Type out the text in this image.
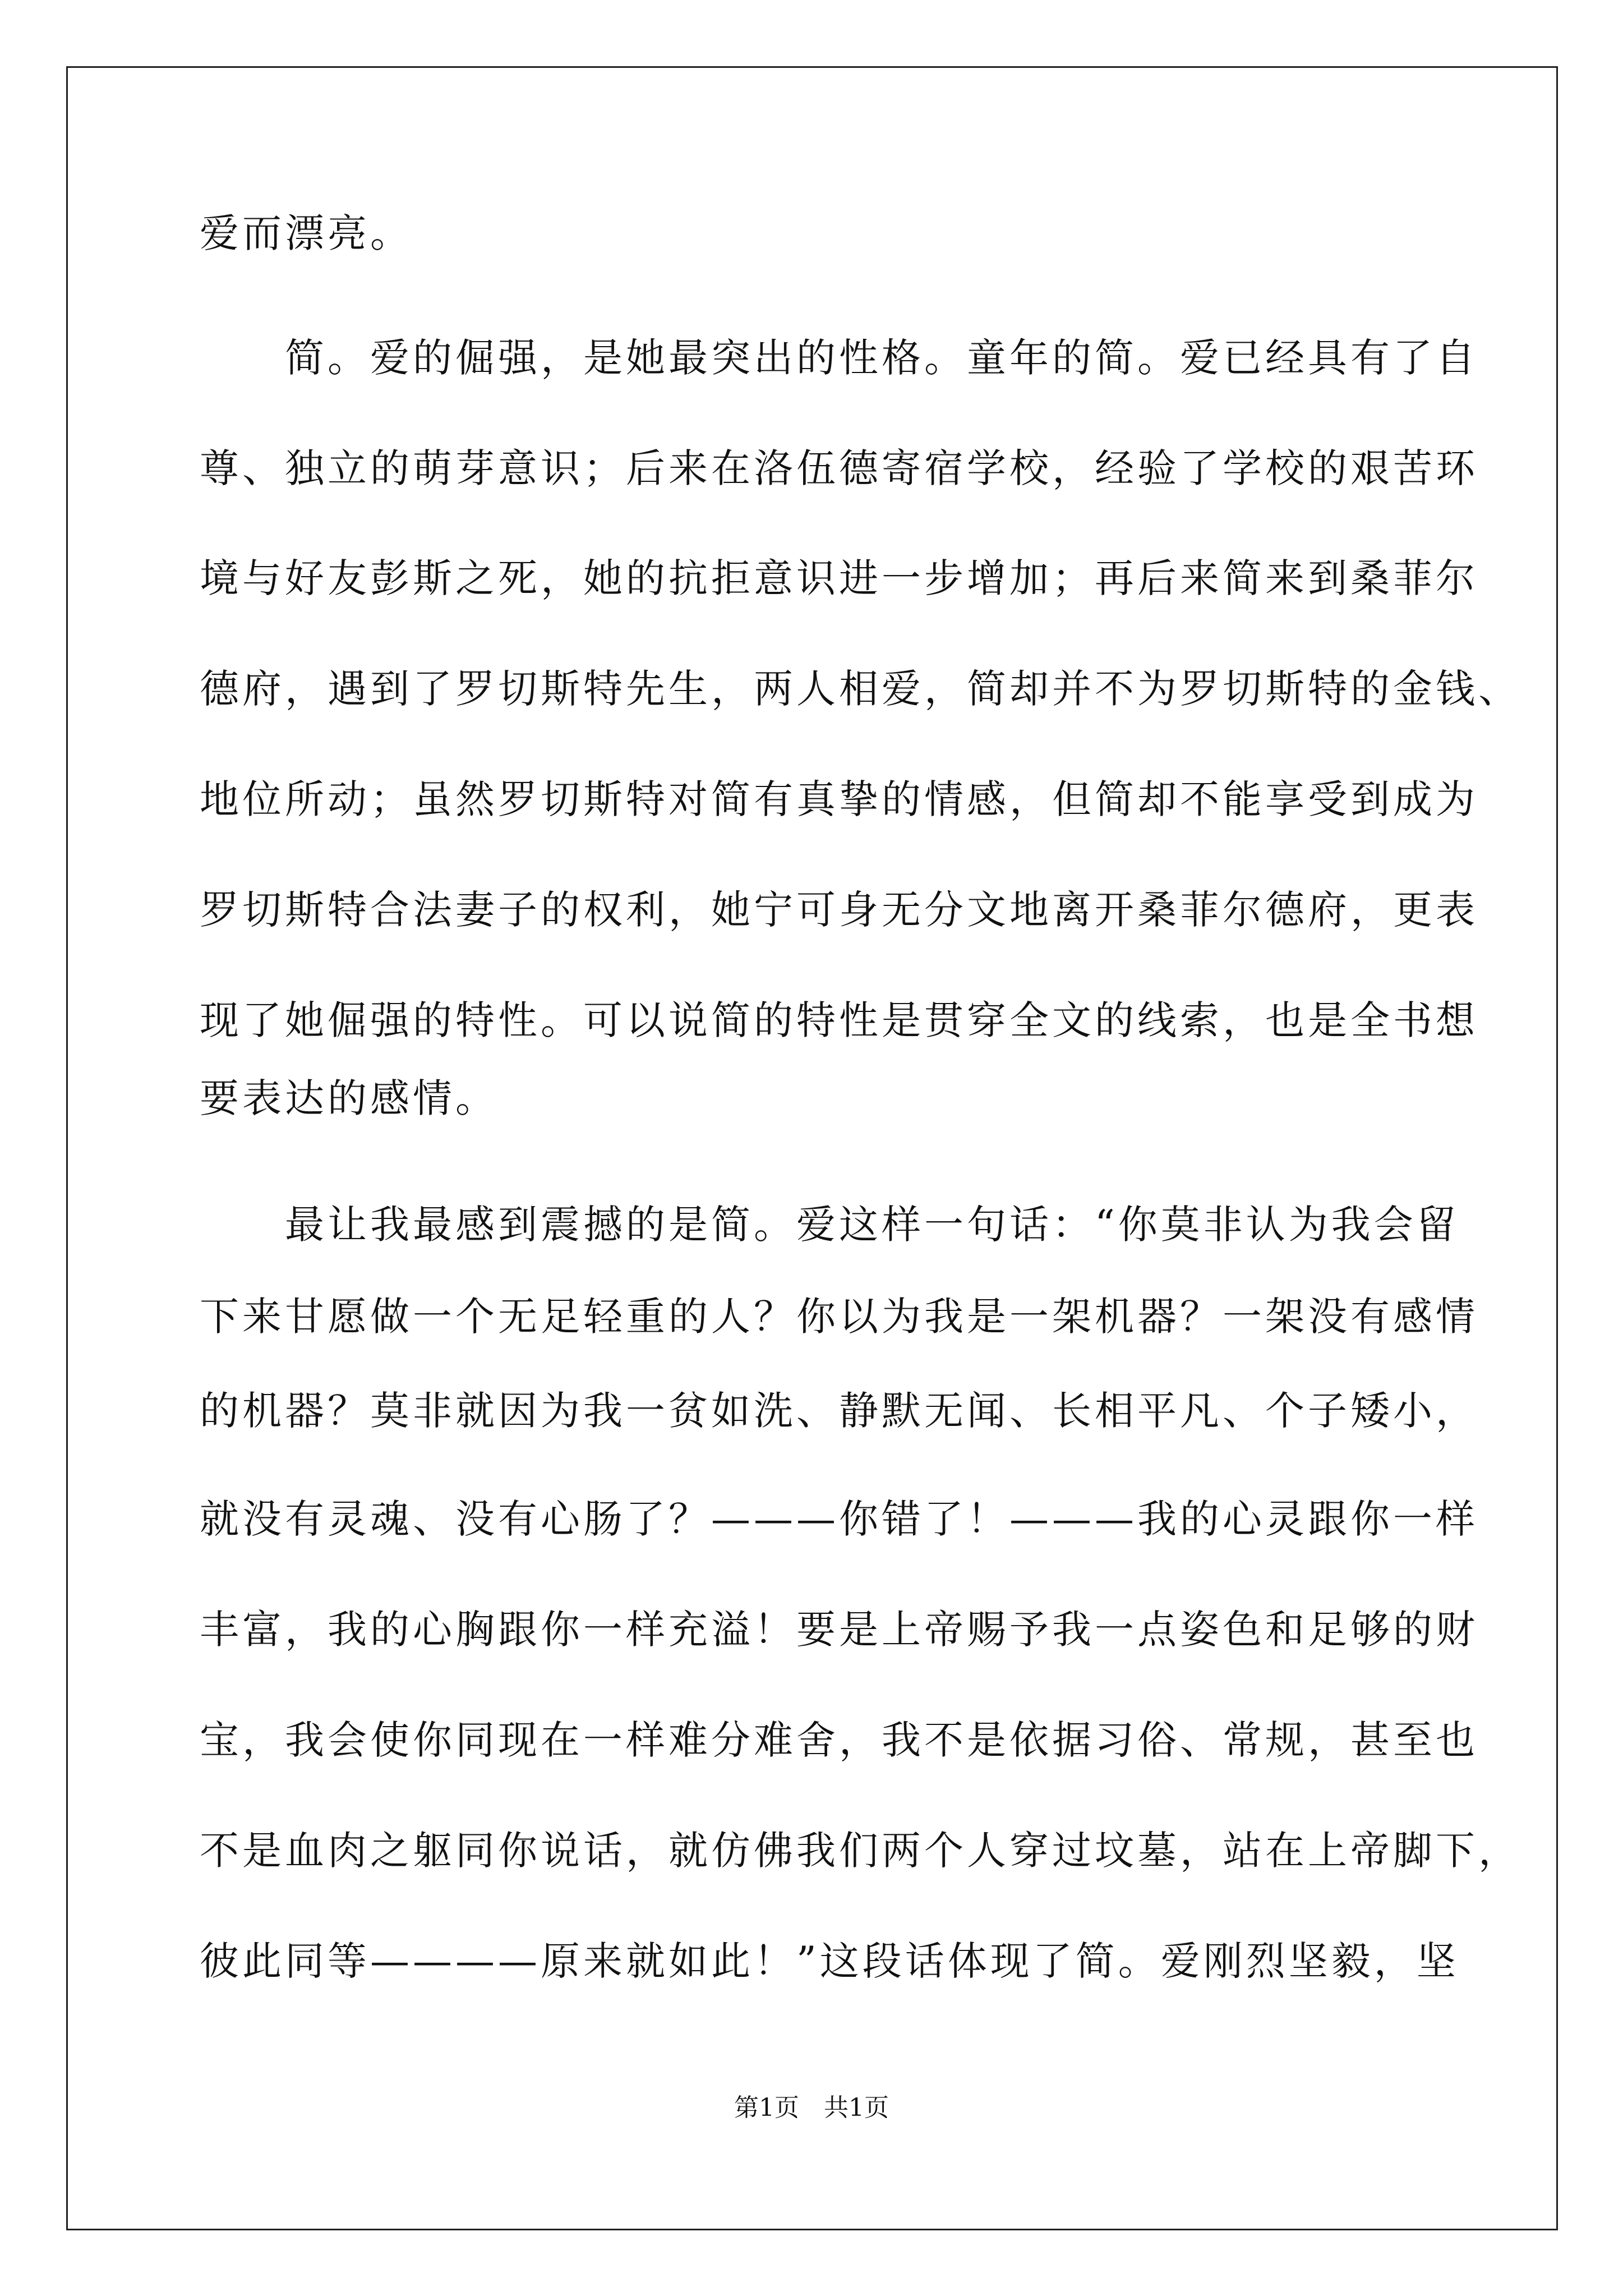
爱而漂亮。
　　简。爱的倔强，是她最突出的性格。童年的简。爱已经具有了自
尊、独立的萌芽意识；后来在洛伍德寄宿学校，经验了学校的艰苦环
境与好友彭斯之死，她的抗拒意识进一步增加；再后来简来到桑菲尔
德府，遇到了罗切斯特先生，两人相爱，简却并不为罗切斯特的金钱、
地位所动；虽然罗切斯特对简有真挚的情感，但简却不能享受到成为
罗切斯特合法妻子的权利，她宁可身无分文地离开桑菲尔德府，更表
现了她倔强的特性。可以说简的特性是贯穿全文的线索，也是全书想
要表达的感情。
　　最让我最感到震撼的是简。爱这样一句话：“你莫非认为我会留
下来甘愿做一个无足轻重的人？你以为我是一架机器？一架没有感情
的机器？莫非就因为我一贫如洗、静默无闻、长相平凡、个子矮小，
就没有灵魂、没有心肠了？———你错了！———我的心灵跟你一样
丰富，我的心胸跟你一样充溢！要是上帝赐予我一点姿色和足够的财
宝，我会使你同现在一样难分难舍，我不是依据习俗、常规，甚至也
不是血肉之躯同你说话，就仿佛我们两个人穿过坟墓，站在上帝脚下，
彼此同等————原来就如此！”这段话体现了简。爱刚烈坚毅，坚
第1页　共1页
